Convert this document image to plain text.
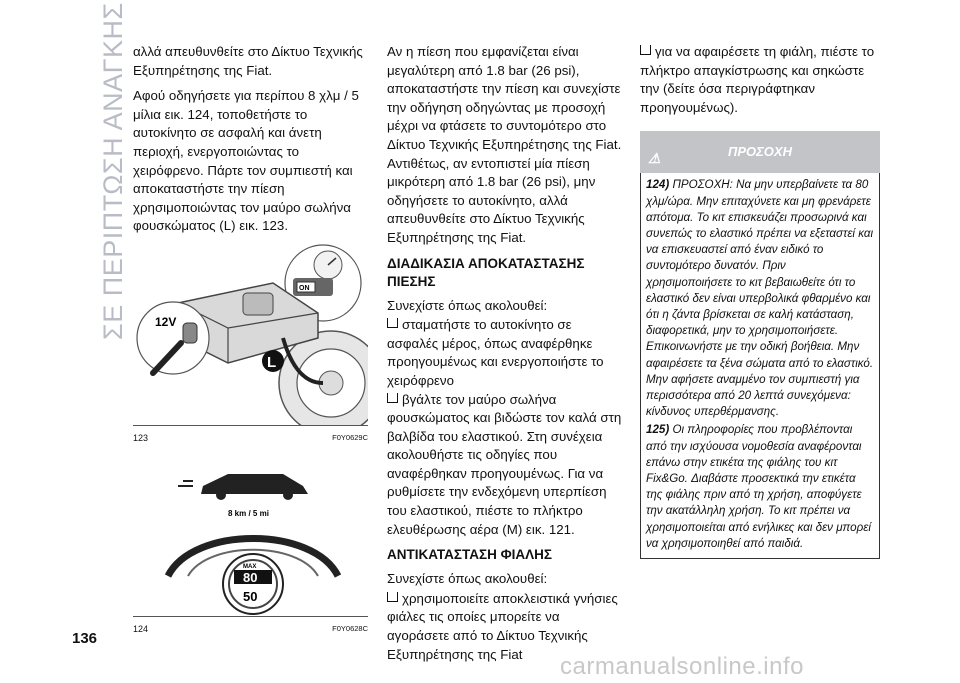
ΣΕ ΠΕΡΙΠΤΩΣΗ ΑΝΑΓΚΗΣ αλλά απευθυνθείτε στο Δίκτυο Τεχνικής Εξυπηρέτησης της Fiat.

Αφού οδηγήσετε για περίπου 8 χλμ / 5 μίλια εικ. 124, τοποθετήστε το αυτοκίνητο σε ασφαλή και άνετη περιοχή, ενεργοποιώντας το χειρόφρενο. Πάρτε τον συμπιεστή και αποκαταστήστε την πίεση χρησιμοποιώντας τον μαύρο σωλήνα φουσκώματος (L) εικ. 123.

ON
12V
L
123	F0Y0629C
8 km / 5 mi
MAX
80
50
124	F0Y0628C

Αν η πίεση που εμφανίζεται είναι μεγαλύτερη από 1.8 bar (26 psi), αποκαταστήστε την πίεση και συνεχίστε την οδήγηση οδηγώντας με προσοχή μέχρι να φτάσετε το συντομότερο στο Δίκτυο Τεχνικής Εξυπηρέτησης της Fiat. Αντιθέτως, αν εντοπιστεί μία πίεση μικρότερη από 1.8 bar (26 psi), μην οδηγήσετε το αυτοκίνητο, αλλά απευθυνθείτε στο Δίκτυο Τεχνικής Εξυπηρέτησης της Fiat.

ΔΙΑΔΙΚΑΣΙΑ ΑΠΟΚΑΤΑΣΤΑΣΗΣ ΠΙΕΣΗΣ

Συνεχίστε όπως ακολουθεί:

σταματήστε το αυτοκίνητο σε ασφαλές μέρος, όπως αναφέρθηκε προηγουμένως και ενεργοποιήστε το χειρόφρενο

βγάλτε τον μαύρο σωλήνα φουσκώματος και βιδώστε τον καλά στη βαλβίδα του ελαστικού. Στη συνέχεια ακολουθήστε τις οδηγίες που αναφέρθηκαν προηγουμένως. Για να ρυθμίσετε την ενδεχόμενη υπερπίεση του ελαστικού, πιέστε το πλήκτρο ελευθέρωσης αέρα (M) εικ. 121.

ΑΝΤΙΚΑΤΑΣΤΑΣΗ ΦΙΑΛΗΣ

Συνεχίστε όπως ακολουθεί:

χρησιμοποιείτε αποκλειστικά γνήσιες φιάλες τις οποίες μπορείτε να αγοράσετε από το Δίκτυο Τεχνικής Εξυπηρέτησης της Fiat

για να αφαιρέσετε τη φιάλη, πιέστε το πλήκτρο απαγκίστρωσης και σηκώστε την (δείτε όσα περιγράφτηκαν προηγουμένως).

⚠	ΠΡΟΣΟΧΗ

124) ΠΡΟΣΟΧΗ: Να μην υπερβαίνετε τα 80 χλμ/ώρα. Μην επιταχύνετε και μη φρενάρετε απότομα. Το κιτ επισκευάζει προσωρινά και συνεπώς το ελαστικό πρέπει να εξεταστεί και να επισκευαστεί από έναν ειδικό το συντομότερο δυνατόν. Πριν χρησιμοποιήσετε το κιτ βεβαιωθείτε ότι το ελαστικό δεν είναι υπερβολικά φθαρμένο και ότι η ζάντα βρίσκεται σε καλή κατάσταση, διαφορετικά, μην το χρησιμοποιήσετε. Επικοινωνήστε με την οδική βοήθεια. Μην αφαιρέσετε τα ξένα σώματα από το ελαστικό. Μην αφήσετε αναμμένο τον συμπιεστή για περισσότερα από 20 λεπτά συνεχόμενα: κίνδυνος υπερθέρμανσης.

125) Οι πληροφορίες που προβλέπονται από την ισχύουσα νομοθεσία αναφέρονται επάνω στην ετικέτα της φιάλης του κιτ Fix&Go. Διαβάστε προσεκτικά την ετικέτα της φιάλης πριν από τη χρήση, αποφύγετε την ακατάλληλη χρήση. Το κιτ πρέπει να χρησιμοποιείται από ενήλικες και δεν μπορεί να χρησιμοποιηθεί από παιδιά.

136
carmanualsonline.info
